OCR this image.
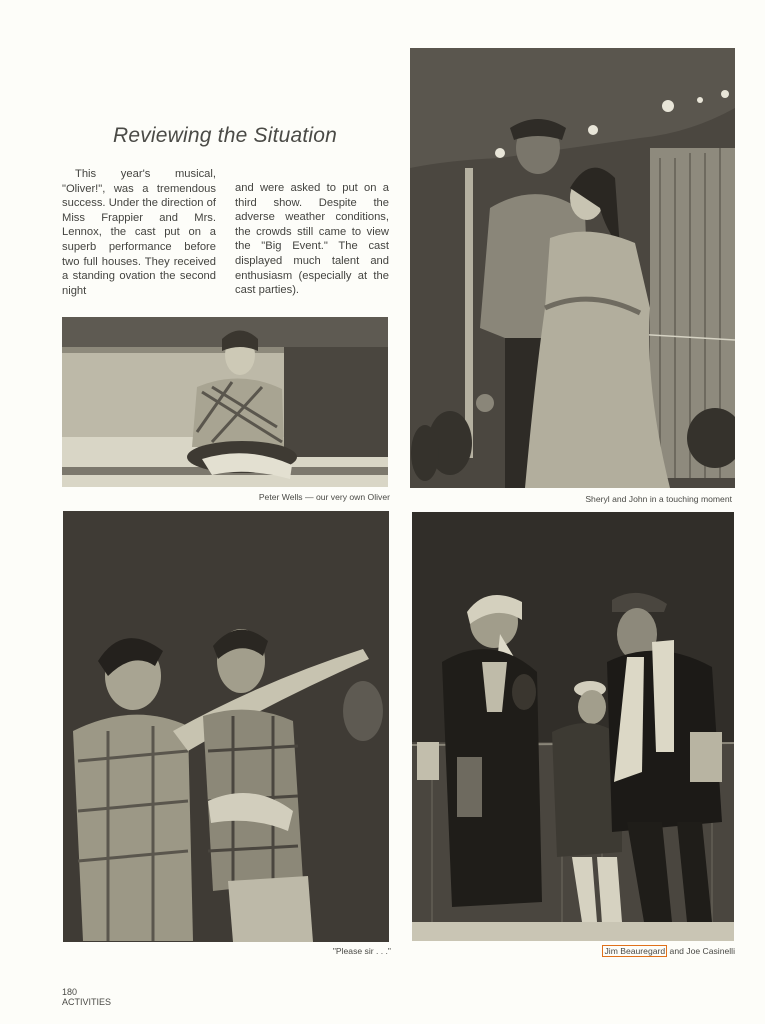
Reviewing the Situation
This year's musical, "Oliver!", was a tremendous success. Under the direction of Miss Frappier and Mrs. Lennox, the cast put on a superb performance before two full houses. They received a standing ovation the second night
and were asked to put on a third show. Despite the adverse weather conditions, the crowds still came to view the "Big Event." The cast displayed much talent and enthusiasm (especially at the cast parties).
Peter Wells — our very own Oliver	Sheryl and John in a touching moment
"Please sir . . ."	Jim Beauregard and Joe Casinelli
180
ACTIVITIES
